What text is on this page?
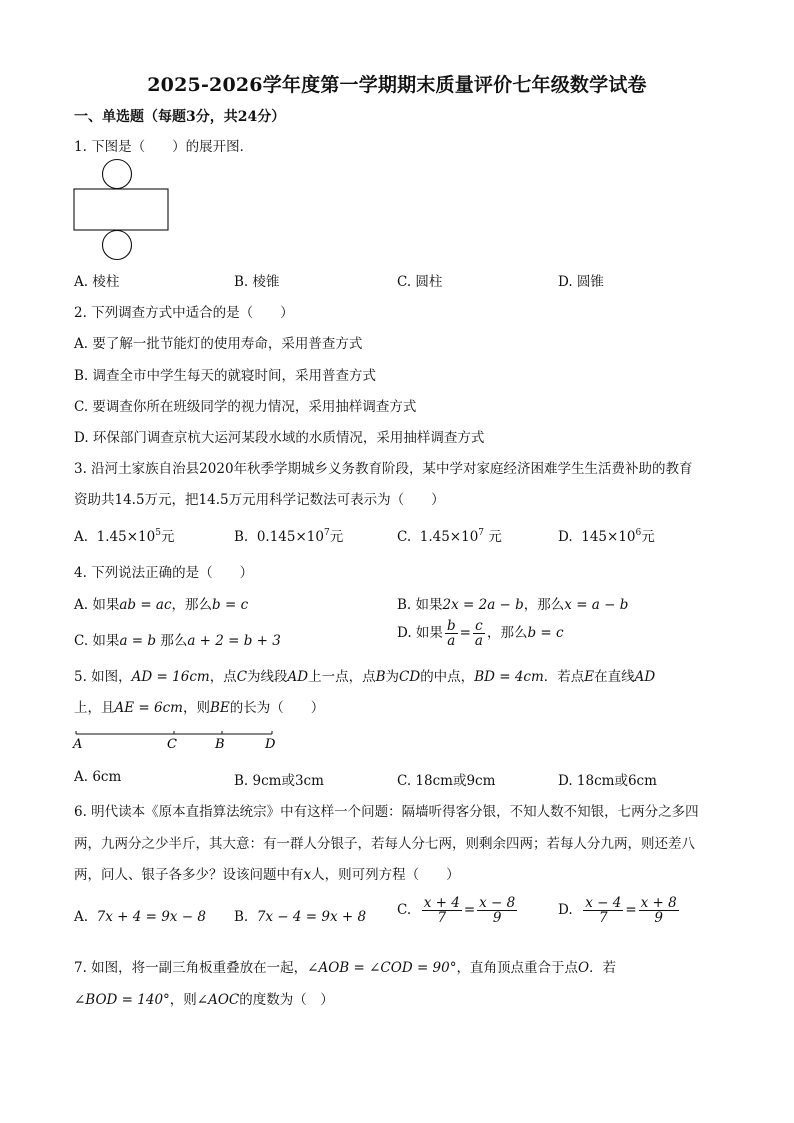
2025-2026学年度第一学期期末质量评价七年级数学试卷
一、单选题（每题3分，共24分）
1. 下图是（　　）的展开图．
A. 棱柱	B. 棱锥	C. 圆柱	D. 圆锥
2. 下列调查方式中适合的是（　　）
A. 要了解一批节能灯的使用寿命，采用普查方式
B. 调查全市中学生每天的就寝时间，采用普查方式
C. 要调查你所在班级同学的视力情况，采用抽样调查方式
D. 环保部门调查京杭大运河某段水域的水质情况，采用抽样调查方式
3. 沿河土家族自治县2020年秋季学期城乡义务教育阶段，某中学对家庭经济困难学生生活费补助的教育
资助共14.5万元，把14.5万元用科学记数法可表示为（　　）
A. $1.45\times 10^5$元	B. $0.145\times 10^7$元	C. $1.45\times 10^7$ 元	D. $145\times 10^6$元
4. 下列说法正确的是（　　）
A. 如果ab = ac，那么b = c	B. 如果2x = 2a − b，那么x = a − b
C. 如果a = b 那么a + 2 = b + 3	D. 如果 $\frac{b}{a} = \frac{c}{a}$ ，那么b = c
5. 如图，AD = 16cm，点C为线段AD上一点，点B为CD的中点，BD = 4cm．若点E在直线AD
上，且AE = 6cm，则BE的长为（　　）
A	C	B	D
A. 6cm	B. 9cm或3cm	C. 18cm或9cm	D. 18cm或6cm
6. 明代读本《原本直指算法统宗》中有这样一个问题：隔墙听得客分银，不知人数不知银，七两分之多四
两，九两分之少半斤，其大意：有一群人分银子，若每人分七两，则剩余四两；若每人分九两，则还差八
两，问人、银子各多少？设该问题中有x人，则可列方程（　　）
A. 7x + 4 = 9x − 8 B. 7x − 4 = 9x + 8 C. $\frac{x + 4}{7} = \frac{x - 8}{9}$	D. $\frac{x - 4}{7} = \frac{x + 8}{9}$
7. 如图，将一副三角板重叠放在一起，∠AOB = ∠COD = 90°，直角顶点重合于点O．若
∠BOD = 140°，则∠AOC的度数为（　）
